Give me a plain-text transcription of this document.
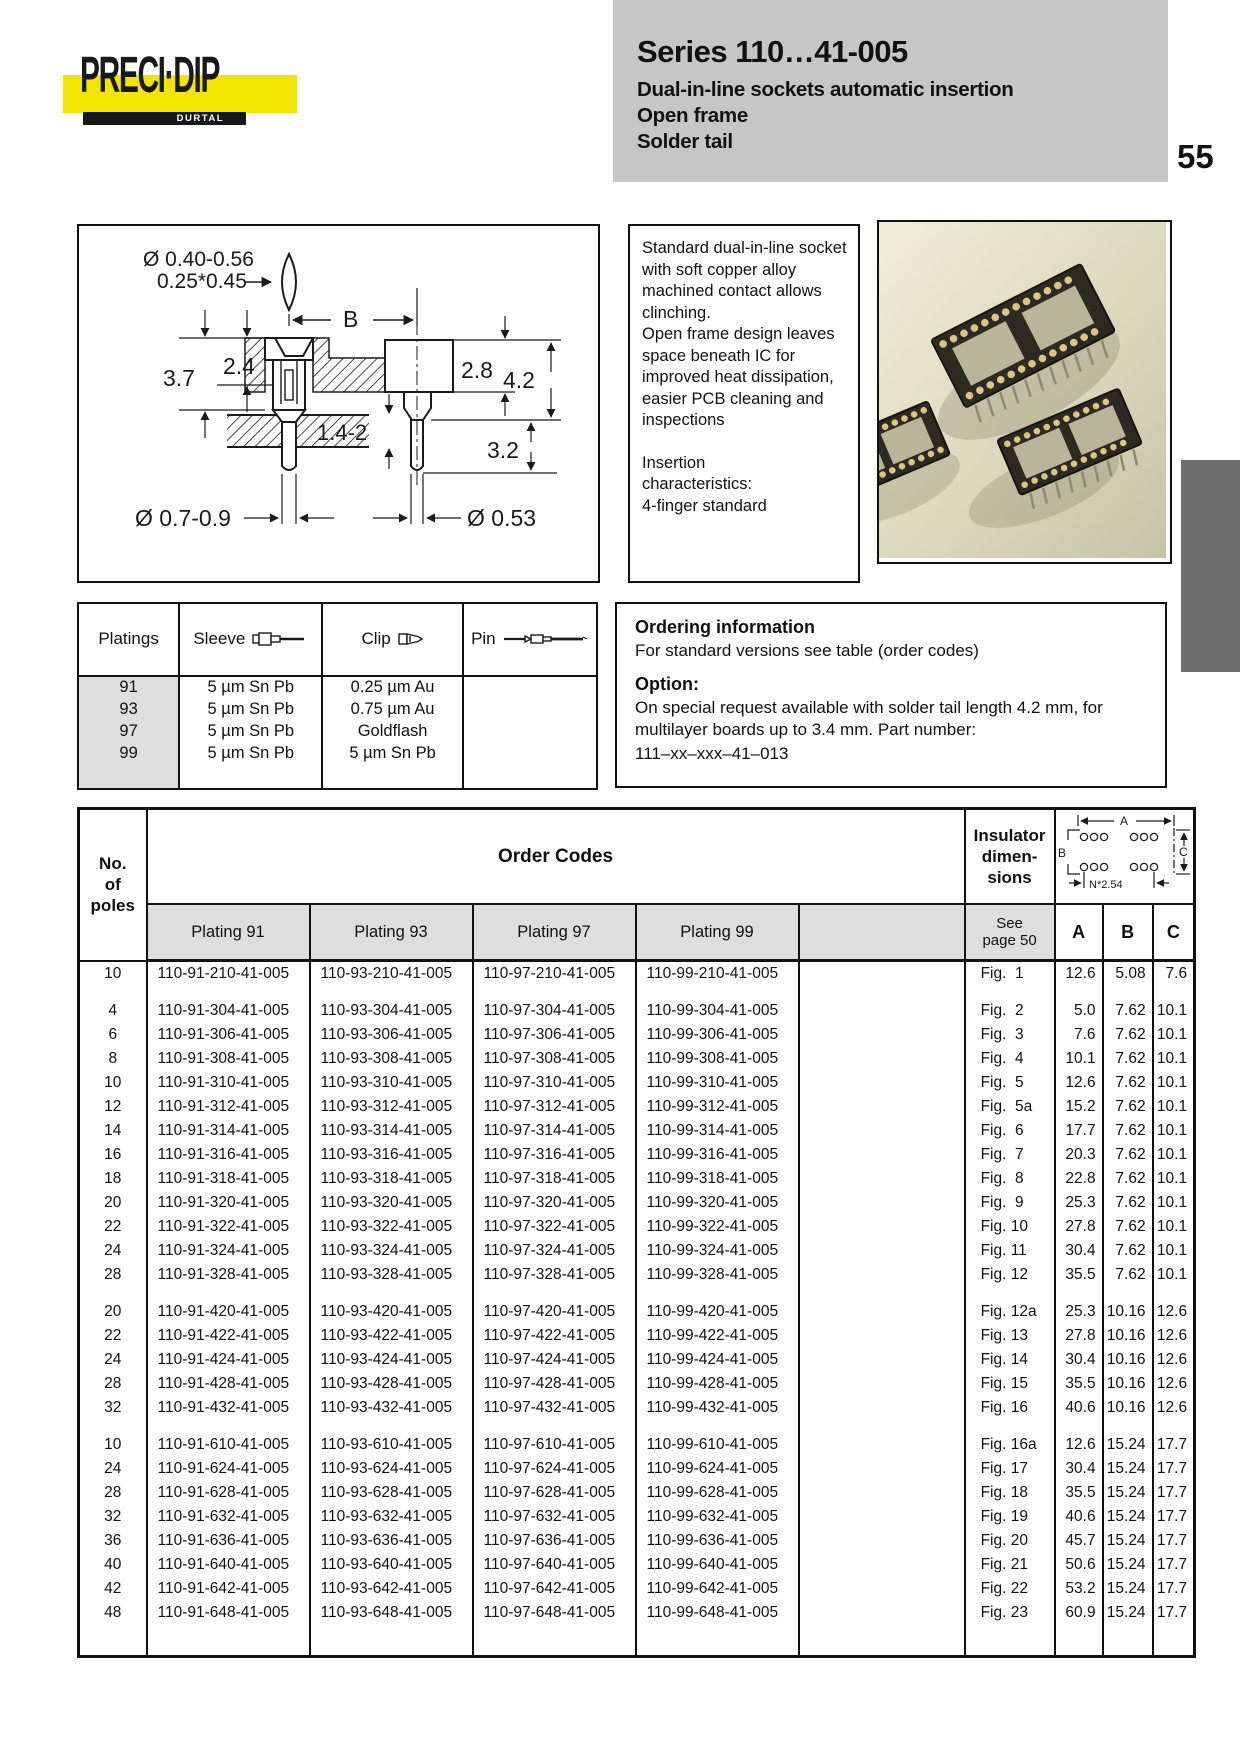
PRECI·DIP
DURTAL
Series 110…41-005
Dual-in-line sockets automatic insertion
Open frame
Solder tail	55
Ø 0.40-0.56
0.25*0.45
B
3.7 2.4
1.4-2
2.8 4.2
3.2
Ø 0.7-0.9	Ø 0.53
Standard dual-in-line socket with soft copper alloy machined contact allows clinching.
Open frame design leaves space beneath IC for improved heat dissipation, easier PCB cleaning and inspections
Insertion
characteristics:
4-finger standard
Platings	Sleeve	Clip	Pin

91	5 µm Sn Pb	0.25 µm Au	
93	5 µm Sn Pb	0.75 µm Au	
97	5 µm Sn Pb	Goldflash	
99	5 µm Sn Pb	5 µm Sn Pb	

Ordering information
For standard versions see table (order codes)
Option:
On special request available with solder tail length 4.2 mm, for multilayer boards up to 3.4 mm. Part number:
111–xx–xxx–41–013
No.
of
poles
	Order Codes	
Insulator
dimen-
sions

A
B	C
N*2.54

	Plating 91	Plating 93	Plating 97	Plating 99		See
page 50	A	B	C
10	110-91-210-41-005	110-93-210-41-005	110-97-210-41-005	110-99-210-41-005		Fig.  1	12.6	5.08	7.6

4	110-91-304-41-005	110-93-304-41-005	110-97-304-41-005	110-99-304-41-005		Fig.  2	5.0	7.62	10.1
6	110-91-306-41-005	110-93-306-41-005	110-97-306-41-005	110-99-306-41-005		Fig.  3	7.6	7.62	10.1
8	110-91-308-41-005	110-93-308-41-005	110-97-308-41-005	110-99-308-41-005		Fig.  4	10.1	7.62	10.1
10	110-91-310-41-005	110-93-310-41-005	110-97-310-41-005	110-99-310-41-005		Fig.  5	12.6	7.62	10.1
12	110-91-312-41-005	110-93-312-41-005	110-97-312-41-005	110-99-312-41-005		Fig.  5a	15.2	7.62	10.1
14	110-91-314-41-005	110-93-314-41-005	110-97-314-41-005	110-99-314-41-005		Fig.  6	17.7	7.62	10.1
16	110-91-316-41-005	110-93-316-41-005	110-97-316-41-005	110-99-316-41-005		Fig.  7	20.3	7.62	10.1
18	110-91-318-41-005	110-93-318-41-005	110-97-318-41-005	110-99-318-41-005		Fig.  8	22.8	7.62	10.1
20	110-91-320-41-005	110-93-320-41-005	110-97-320-41-005	110-99-320-41-005		Fig.  9	25.3	7.62	10.1
22	110-91-322-41-005	110-93-322-41-005	110-97-322-41-005	110-99-322-41-005		Fig. 10	27.8	7.62	10.1
24	110-91-324-41-005	110-93-324-41-005	110-97-324-41-005	110-99-324-41-005		Fig. 11	30.4	7.62	10.1
28	110-91-328-41-005	110-93-328-41-005	110-97-328-41-005	110-99-328-41-005		Fig. 12	35.5	7.62	10.1

20	110-91-420-41-005	110-93-420-41-005	110-97-420-41-005	110-99-420-41-005		Fig. 12a	25.3	10.16	12.6
22	110-91-422-41-005	110-93-422-41-005	110-97-422-41-005	110-99-422-41-005		Fig. 13	27.8	10.16	12.6
24	110-91-424-41-005	110-93-424-41-005	110-97-424-41-005	110-99-424-41-005		Fig. 14	30.4	10.16	12.6
28	110-91-428-41-005	110-93-428-41-005	110-97-428-41-005	110-99-428-41-005		Fig. 15	35.5	10.16	12.6
32	110-91-432-41-005	110-93-432-41-005	110-97-432-41-005	110-99-432-41-005		Fig. 16	40.6	10.16	12.6

10	110-91-610-41-005	110-93-610-41-005	110-97-610-41-005	110-99-610-41-005		Fig. 16a	12.6	15.24	17.7
24	110-91-624-41-005	110-93-624-41-005	110-97-624-41-005	110-99-624-41-005		Fig. 17	30.4	15.24	17.7
28	110-91-628-41-005	110-93-628-41-005	110-97-628-41-005	110-99-628-41-005		Fig. 18	35.5	15.24	17.7
32	110-91-632-41-005	110-93-632-41-005	110-97-632-41-005	110-99-632-41-005		Fig. 19	40.6	15.24	17.7
36	110-91-636-41-005	110-93-636-41-005	110-97-636-41-005	110-99-636-41-005		Fig. 20	45.7	15.24	17.7
40	110-91-640-41-005	110-93-640-41-005	110-97-640-41-005	110-99-640-41-005		Fig. 21	50.6	15.24	17.7
42	110-91-642-41-005	110-93-642-41-005	110-97-642-41-005	110-99-642-41-005		Fig. 22	53.2	15.24	17.7
48	110-91-648-41-005	110-93-648-41-005	110-97-648-41-005	110-99-648-41-005		Fig. 23	60.9	15.24	17.7
